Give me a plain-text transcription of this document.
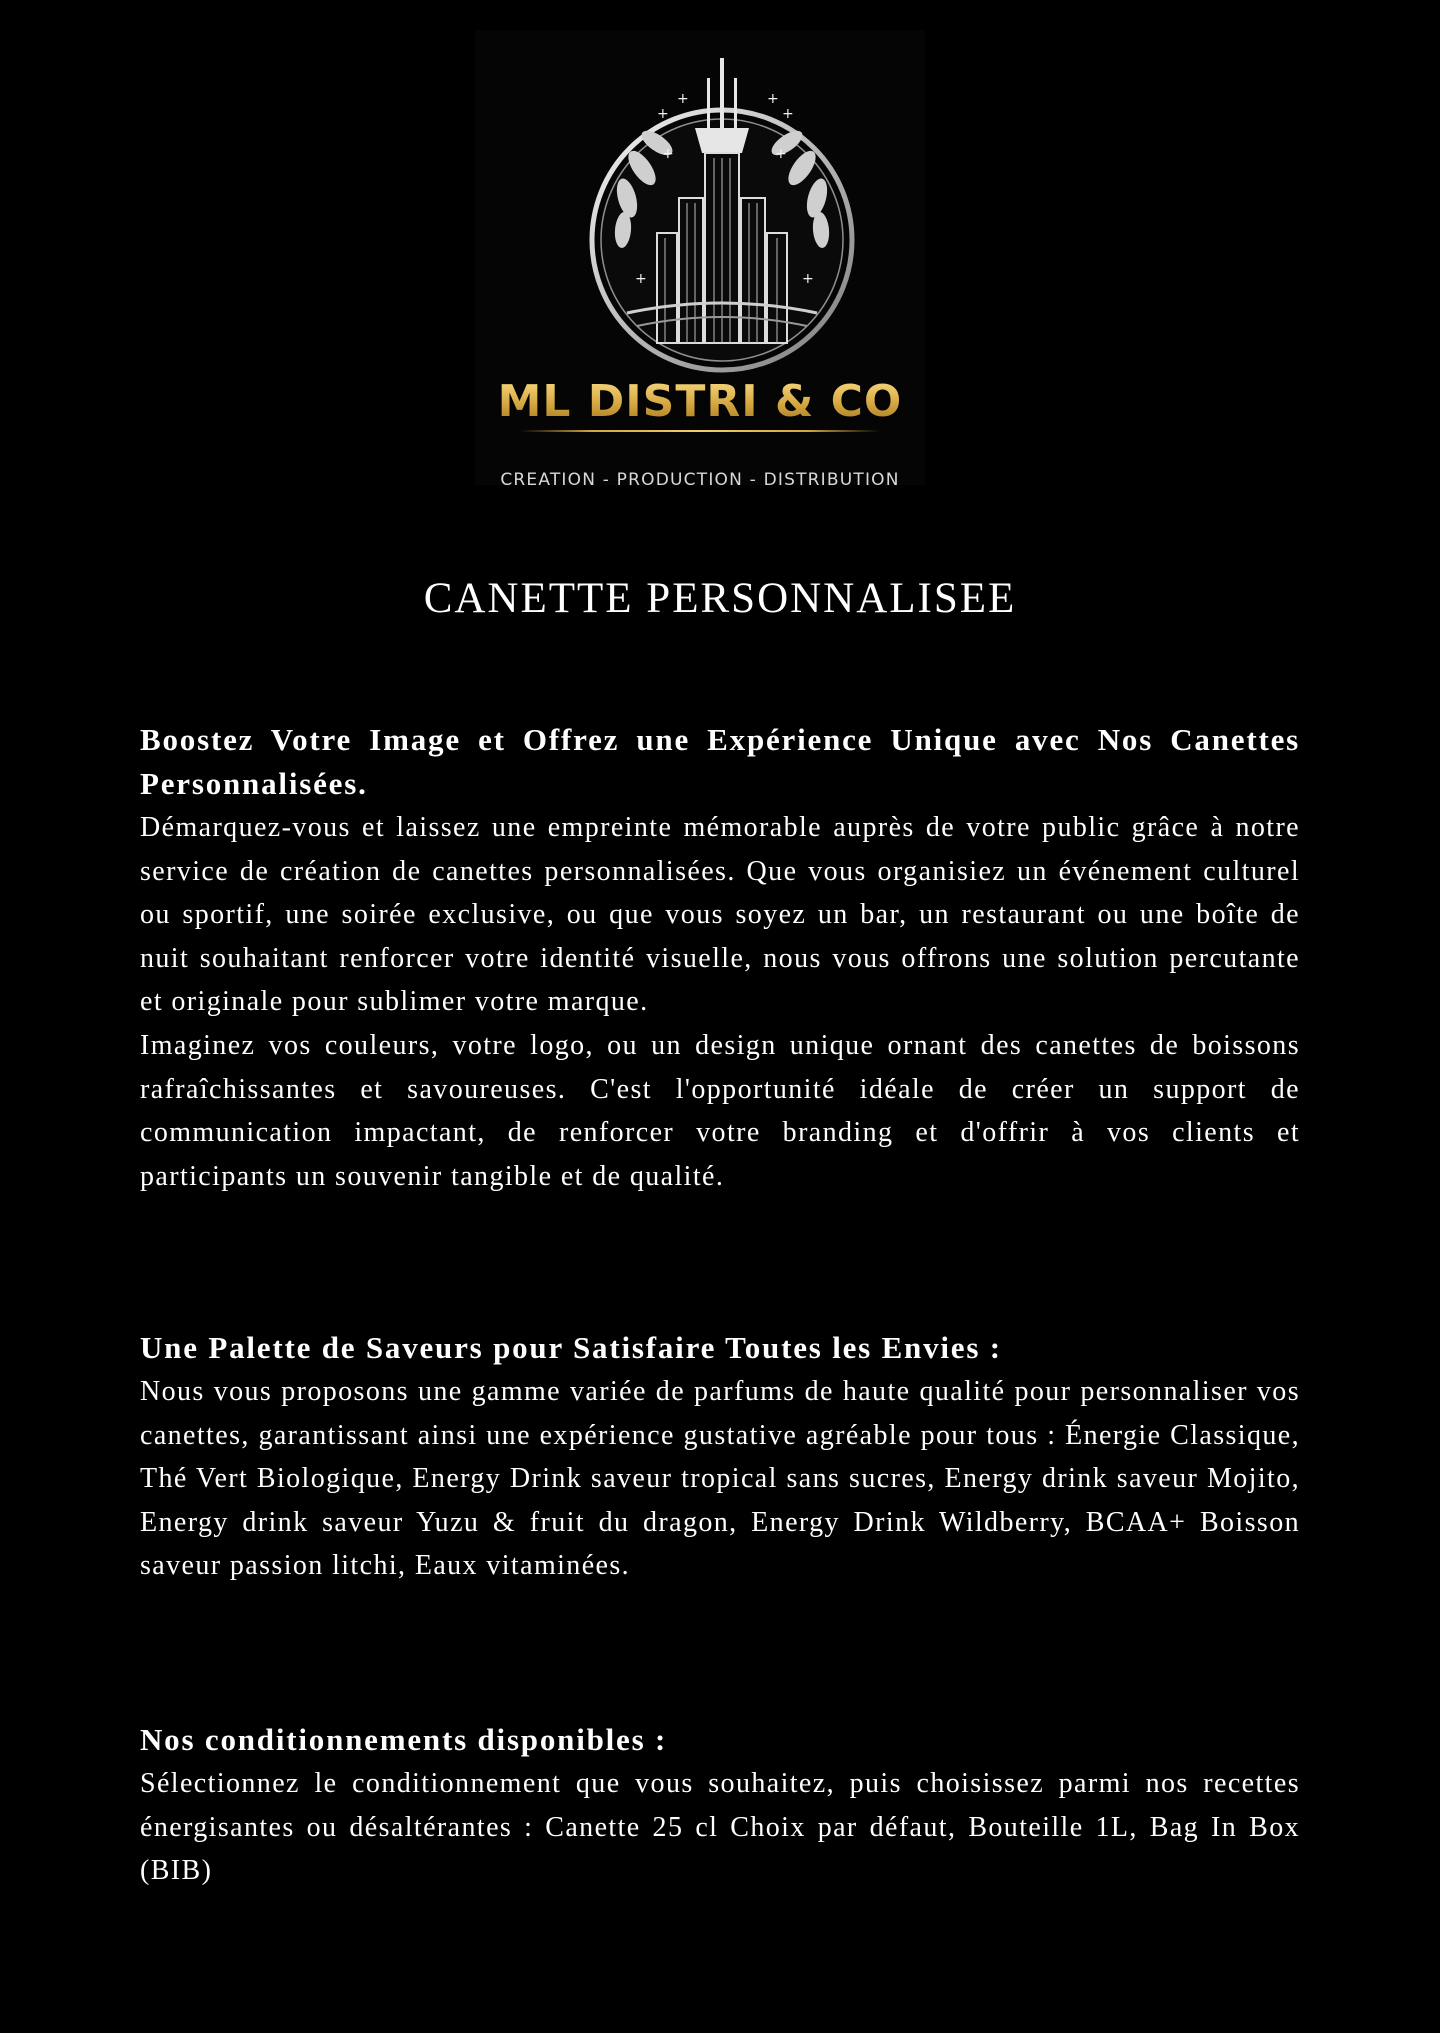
+
+	+
+
+	+
+	+
ML DISTRI & CO
CREATION - PRODUCTION - DISTRIBUTION
CANETTE PERSONNALISEE
Boostez Votre Image et Offrez une Expérience Unique avec Nos Canettes Personnalisées.

Démarquez-vous et laissez une empreinte mémorable auprès de votre public grâce à notre service de création de canettes personnalisées. Que vous organisiez un événement culturel ou sportif, une soirée exclusive, ou que vous soyez un bar, un restaurant ou une boîte de nuit souhaitant renforcer votre identité visuelle, nous vous offrons une solution percutante et originale pour sublimer votre marque.

Imaginez vos couleurs, votre logo, ou un design unique ornant des canettes de boissons rafraîchissantes et savoureuses. C'est l'opportunité idéale de créer un support de communication impactant, de renforcer votre branding et d'offrir à vos clients et participants un souvenir tangible et de qualité.

Une Palette de Saveurs pour Satisfaire Toutes les Envies :

Nous vous proposons une gamme variée de parfums de haute qualité pour personnaliser vos canettes, garantissant ainsi une expérience gustative agréable pour tous : Énergie Classique, Thé Vert Biologique, Energy Drink saveur tropical sans sucres, Energy drink saveur Mojito, Energy drink saveur Yuzu & fruit du dragon, Energy Drink Wildberry, BCAA+ Boisson saveur passion litchi, Eaux vitaminées.

Nos conditionnements disponibles :

Sélectionnez le conditionnement que vous souhaitez, puis choisissez parmi nos recettes énergisantes ou désaltérantes : Canette 25 cl Choix par défaut, Bouteille 1L, Bag In Box (BIB)
